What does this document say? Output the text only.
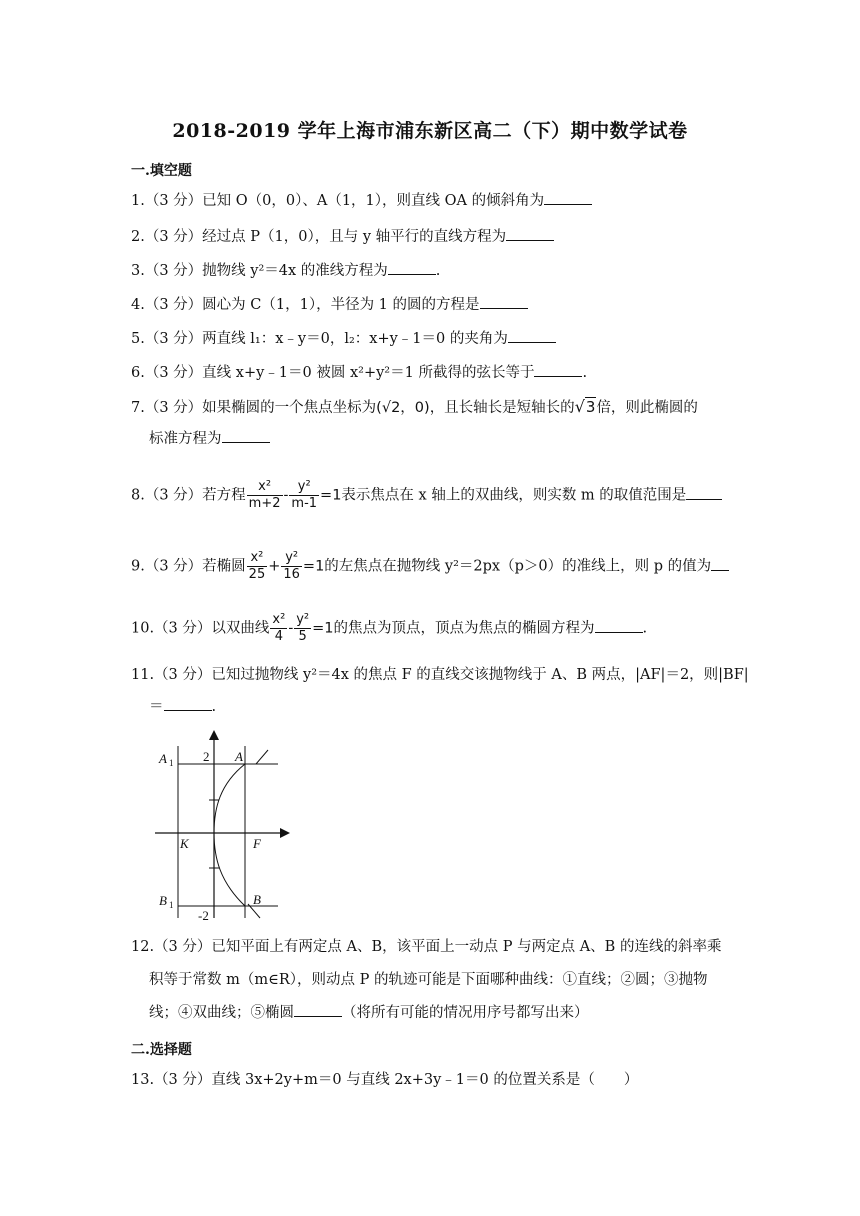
2018-2019 学年上海市浦东新区高二（下）期中数学试卷
一.填空题
1.（3 分）已知 O（0，0）、A（1，1），则直线 OA 的倾斜角为
2.（3 分）经过点 P（1，0），且与 y 轴平行的直线方程为
3.（3 分）抛物线 y²＝4x 的准线方程为	.
4.（3 分）圆心为 C（1，1），半径为 1 的圆的方程是
5.（3 分）两直线 l₁：x﹣y＝0，l₂：x+y﹣1＝0 的夹角为
6.（3 分）直线 x+y﹣1＝0 被圆 x²+y²＝1 所截得的弦长等于	.
7.（3 分）如果椭圆的一个焦点坐标为(√2，0)，且长轴长是短轴长的√3倍，则此椭圆的
标准方程为
8.（3 分）若方程 $\frac{\text{x²}}{m+2} - \frac{\text{y²}}{m-1} =1$表示焦点在 x 轴上的双曲线，则实数 m 的取值范围是
9.（3 分）若椭圆 $\frac{\text{x²}}{25} + \frac{\text{y²}}{16} =1$的左焦点在抛物线 y²＝2px（p＞0）的准线上，则 p 的值为
10.（3 分）以双曲线 $\frac{\text{x²}}{4} - \frac{\text{y²}}{5} =1$的焦点为顶点，顶点为焦点的椭圆方程为	.
11.（3 分）已知过抛物线 y²＝4x 的焦点 F 的直线交该抛物线于 A、B 两点，|AF|＝2，则|BF|
＝	.
A 1 2 A
K	F
B 1	B
-2
12.（3 分）已知平面上有两定点 A、B，该平面上一动点 P 与两定点 A、B 的连线的斜率乘
积等于常数 m（m∈R），则动点 P 的轨迹可能是下面哪种曲线：①直线；②圆；③抛物
线；④双曲线；⑤椭圆	（将所有可能的情况用序号都写出来）
二.选择题
13.（3 分）直线 3x+2y+m＝0 与直线 2x+3y﹣1＝0 的位置关系是（　　）
